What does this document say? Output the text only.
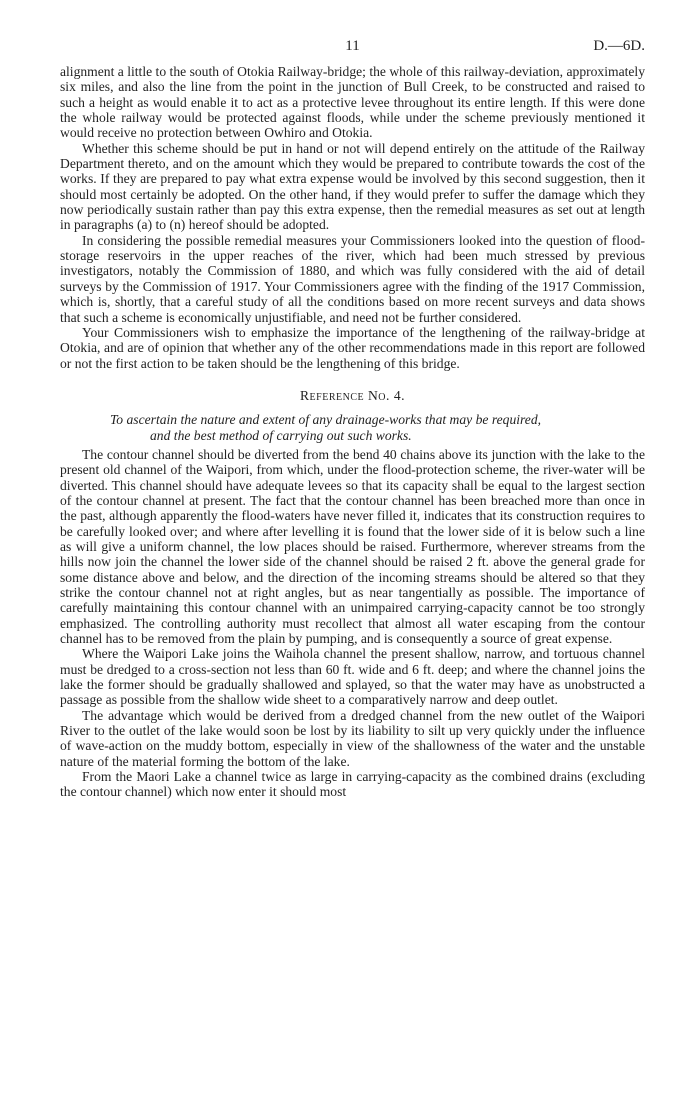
11	D.—6D.

alignment a little to the south of Otokia Railway-bridge; the whole of this railway-deviation, approximately six miles, and also the line from the point in the junction of Bull Creek, to be constructed and raised to such a height as would enable it to act as a protective levee throughout its entire length. If this were done the whole railway would be protected against floods, while under the scheme previously mentioned it would receive no protection between Owhiro and Otokia.

Whether this scheme should be put in hand or not will depend entirely on the attitude of the Railway Department thereto, and on the amount which they would be prepared to contribute towards the cost of the works. If they are prepared to pay what extra expense would be involved by this second suggestion, then it should most certainly be adopted. On the other hand, if they would prefer to suffer the damage which they now periodically sustain rather than pay this extra expense, then the remedial measures as set out at length in paragraphs (a) to (n) hereof should be adopted.

In considering the possible remedial measures your Commissioners looked into the question of flood-storage reservoirs in the upper reaches of the river, which had been much stressed by previous investigators, notably the Commission of 1880, and which was fully considered with the aid of detail surveys by the Commission of 1917. Your Commissioners agree with the finding of the 1917 Commission, which is, shortly, that a careful study of all the conditions based on more recent surveys and data shows that such a scheme is economically unjustifiable, and need not be further considered.

Your Commissioners wish to emphasize the importance of the lengthening of the railway-bridge at Otokia, and are of opinion that whether any of the other recommendations made in this report are followed or not the first action to be taken should be the lengthening of this bridge.

Reference No. 4.
To ascertain the nature and extent of any drainage-works that may be required,
and the best method of carrying out such works.

The contour channel should be diverted from the bend 40 chains above its junction with the lake to the present old channel of the Waipori, from which, under the flood-protection scheme, the river-water will be diverted. This channel should have adequate levees so that its capacity shall be equal to the largest section of the contour channel at present. The fact that the contour channel has been breached more than once in the past, although apparently the flood-waters have never filled it, indicates that its construction requires to be carefully looked over; and where after levelling it is found that the lower side of it is below such a line as will give a uniform channel, the low places should be raised. Furthermore, wherever streams from the hills now join the channel the lower side of the channel should be raised 2 ft. above the general grade for some distance above and below, and the direction of the incoming streams should be altered so that they strike the contour channel not at right angles, but as near tangentially as possible. The importance of carefully maintaining this contour channel with an unimpaired carrying-capacity cannot be too strongly emphasized. The controlling authority must recollect that almost all water escaping from the contour channel has to be removed from the plain by pumping, and is consequently a source of great expense.

Where the Waipori Lake joins the Waihola channel the present shallow, narrow, and tortuous channel must be dredged to a cross-section not less than 60 ft. wide and 6 ft. deep; and where the channel joins the lake the former should be gradually shallowed and splayed, so that the water may have as unobstructed a passage as possible from the shallow wide sheet to a comparatively narrow and deep outlet.

The advantage which would be derived from a dredged channel from the new outlet of the Waipori River to the outlet of the lake would soon be lost by its liability to silt up very quickly under the influence of wave-action on the muddy bottom, especially in view of the shallowness of the water and the unstable nature of the material forming the bottom of the lake.

From the Maori Lake a channel twice as large in carrying-capacity as the combined drains (excluding the contour channel) which now enter it should most
